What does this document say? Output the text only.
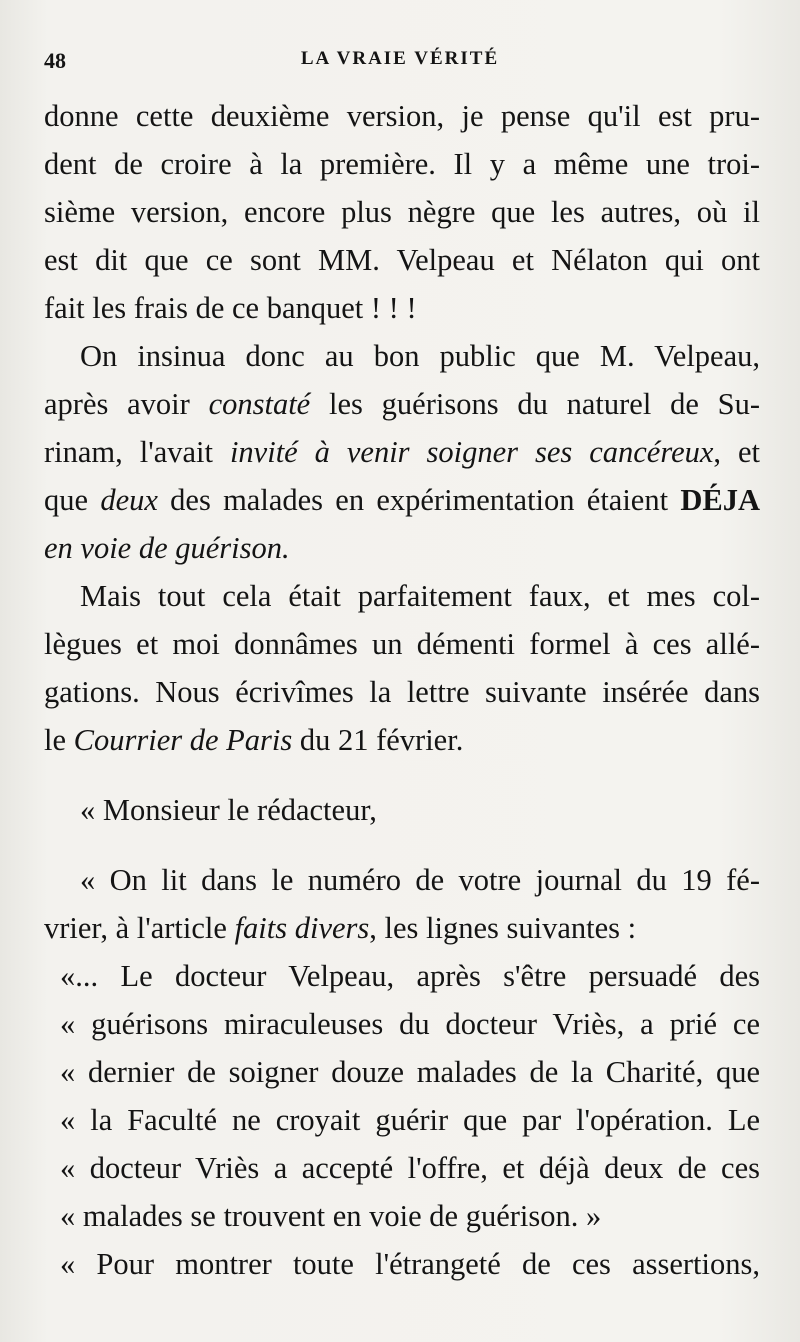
48	LA VRAIE VÉRITÉ
donne cette deuxième version, je pense qu'il est pru-
dent de croire à la première. Il y a même une troi-
sième version, encore plus nègre que les autres, où il
est dit que ce sont MM. Velpeau et Nélaton qui ont
fait les frais de ce banquet ! ! !
On insinua donc au bon public que M. Velpeau,
après avoir constaté les guérisons du naturel de Su-
rinam, l'avait invité à venir soigner ses cancéreux, et
que deux des malades en expérimentation étaient DÉJA
en voie de guérison.
Mais tout cela était parfaitement faux, et mes col-
lègues et moi donnâmes un démenti formel à ces allé-
gations. Nous écrivîmes la lettre suivante insérée dans
le Courrier de Paris du 21 février.
« Monsieur le rédacteur,
« On lit dans le numéro de votre journal du 19 fé-
vrier, à l'article faits divers, les lignes suivantes :
«... Le docteur Velpeau, après s'être persuadé des
« guérisons miraculeuses du docteur Vriès, a prié ce
« dernier de soigner douze malades de la Charité, que
« la Faculté ne croyait guérir que par l'opération. Le
« docteur Vriès a accepté l'offre, et déjà deux de ces
« malades se trouvent en voie de guérison. »
« Pour montrer toute l'étrangeté de ces assertions,
